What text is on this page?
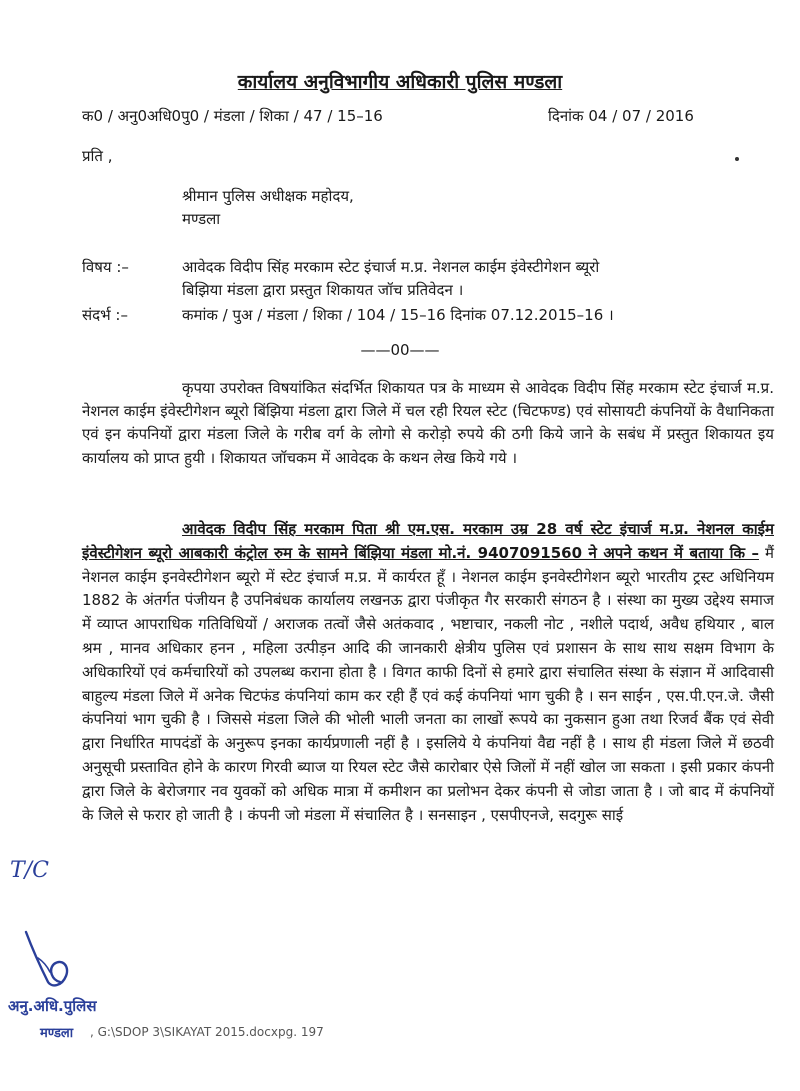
कार्यालय अनुविभागीय अधिकारी पुलिस मण्डला
क0 / अनु0अधि0पु0 / मंडला / शिका / 47 / 15–16	दिनांक 04 / 07 / 2016
प्रति ,
श्रीमान पुलिस अधीक्षक महोदय,
मण्डला
विषय :–	आवेदक विदीप सिंह मरकाम स्टेट इंचार्ज म.प्र. नेशनल काईम इंवेस्टीगेशन ब्यूरो
बिझिया मंडला द्वारा प्रस्तुत शिकायत जॉच प्रतिवेदन ।
संदर्भ :–	कमांक / पुअ / मंडला / शिका / 104 / 15–16 दिनांक 07.12.2015–16 ।
——00——
कृपया उपरोक्त विषयांकित संदर्भित शिकायत पत्र के माध्यम से आवेदक विदीप सिंह मरकाम स्टेट इंचार्ज म.प्र. नेशनल काईम इंवेस्टीगेशन ब्यूरो बिंझिया मंडला द्वारा जिले में चल रही रियल स्टेट (चिटफण्ड) एवं सोसायटी कंपनियों के वैधानिकता एवं इन कंपनियों द्वारा मंडला जिले के गरीब वर्ग के लोगो से करोड़ो रुपये की ठगी किये जाने के सबंध में प्रस्तुत शिकायत इय कार्यालय को प्राप्त हुयी । शिकायत जॉचकम में आवेदक के कथन लेख किये गये ।
आवेदक विदीप सिंह मरकाम पिता श्री एम.एस. मरकाम उम्र 28 वर्ष स्टेट इंचार्ज म.प्र. नेशनल काईम इंवेस्टीगेशन ब्यूरो आबकारी कंट्रोल रुम के सामने बिंझिया मंडला मो.नं. 9407091560 ने अपने कथन में बताया कि – मैं नेशनल काईम इनवेस्टीगेशन ब्यूरो में स्टेट इंचार्ज म.प्र. में कार्यरत हूँ । नेशनल काईम इनवेस्टीगेशन ब्यूरो भारतीय ट्रस्ट अधिनियम 1882 के अंतर्गत पंजीयन है उपनिबंधक कार्यालय लखनऊ द्वारा पंजीकृत गैर सरकारी संगठन है । संस्था का मुख्य उद्देश्य समाज में व्याप्त आपराधिक गतिविधियों / अराजक तत्वों जैसे अतंकवाद , भष्टाचार, नकली नोट , नशीले पदार्थ, अवैध हथियार , बाल श्रम , मानव अधिकार हनन , महिला उत्पीड़न आदि की जानकारी क्षेत्रीय पुलिस एवं प्रशासन के साथ साथ सक्षम विभाग के अधिकारियों एवं कर्मचारियों को उपलब्ध कराना होता है । विगत काफी दिनों से हमारे द्वारा संचालित संस्था के संज्ञान में आदिवासी बाहुल्य मंडला जिले में अनेक चिटफंड कंपनियां काम कर रही हैं एवं कई कंपनियां भाग चुकी है । सन साईन , एस.पी.एन.जे. जैसी कंपनियां भाग चुकी है । जिससे मंडला जिले की भोली भाली जनता का लाखों रूपये का नुकसान हुआ तथा रिजर्व बैंक एवं सेवी द्वारा निर्धारित मापदंडों के अनुरूप इनका कार्यप्रणाली नहीं है । इसलिये ये कंपनियां वैद्य नहीं है । साथ ही मंडला जिले में छठवी अनुसूची प्रस्तावित होने के कारण गिरवी ब्याज या रियल स्टेट जैसे कारोबार ऐसे जिलों में नहीं खोल जा सकता । इसी प्रकार कंपनी द्वारा जिले के बेरोजगार नव युवकों को अधिक मात्रा में कमीशन का प्रलोभन देकर कंपनी से जोडा जाता है । जो बाद में कंपनियों के जिले से फरार हो जाती है । कंपनी जो मंडला में संचालित है । सनसाइन , एसपीएनजे, सदगुरू साई
T/C
अनु.अधि.पुलिस
मण्डला , G:\SDOP 3\SIKAYAT 2015.docxpg. 197
